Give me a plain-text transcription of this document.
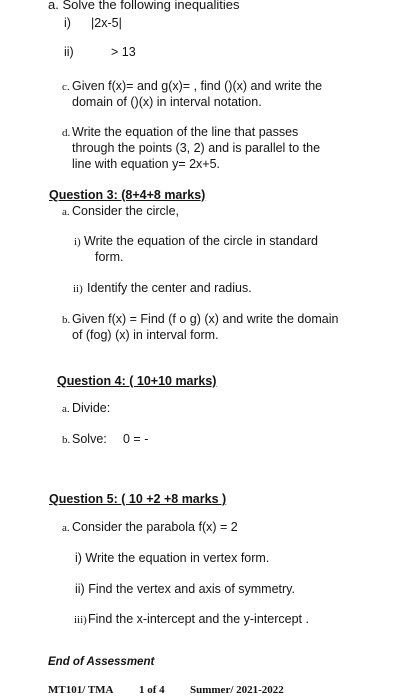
a. Solve the following inequalities
i) |2x-5|
ii)	> 13
c. Given f(x)= and g(x)= , find ()(x) and write the
domain of ()(x) in interval notation.
d. Write the equation of the line that passes
through the points (3, 2) and is parallel to the
line with equation y= 2x+5.
Question 3: (8+4+8 marks)
a. Consider the circle,
i) Write the equation of the circle in standard
form.
ii) Identify the center and radius.
b. Given f(x) = Find (f o g) (x) and write the domain
of (fog) (x) in interval form.
Question 4: ( 10+10 marks)
a. Divide:
b. Solve: 0 = -
Question 5: ( 10 +2 +8 marks )
a. Consider the parabola f(x) = 2
i) Write the equation in vertex form.
ii) Find the vertex and axis of symmetry.
iii) Find the x-intercept and the y-intercept .
End of Assessment
MT101/ TMA 1 of 4 Summer/ 2021-2022
